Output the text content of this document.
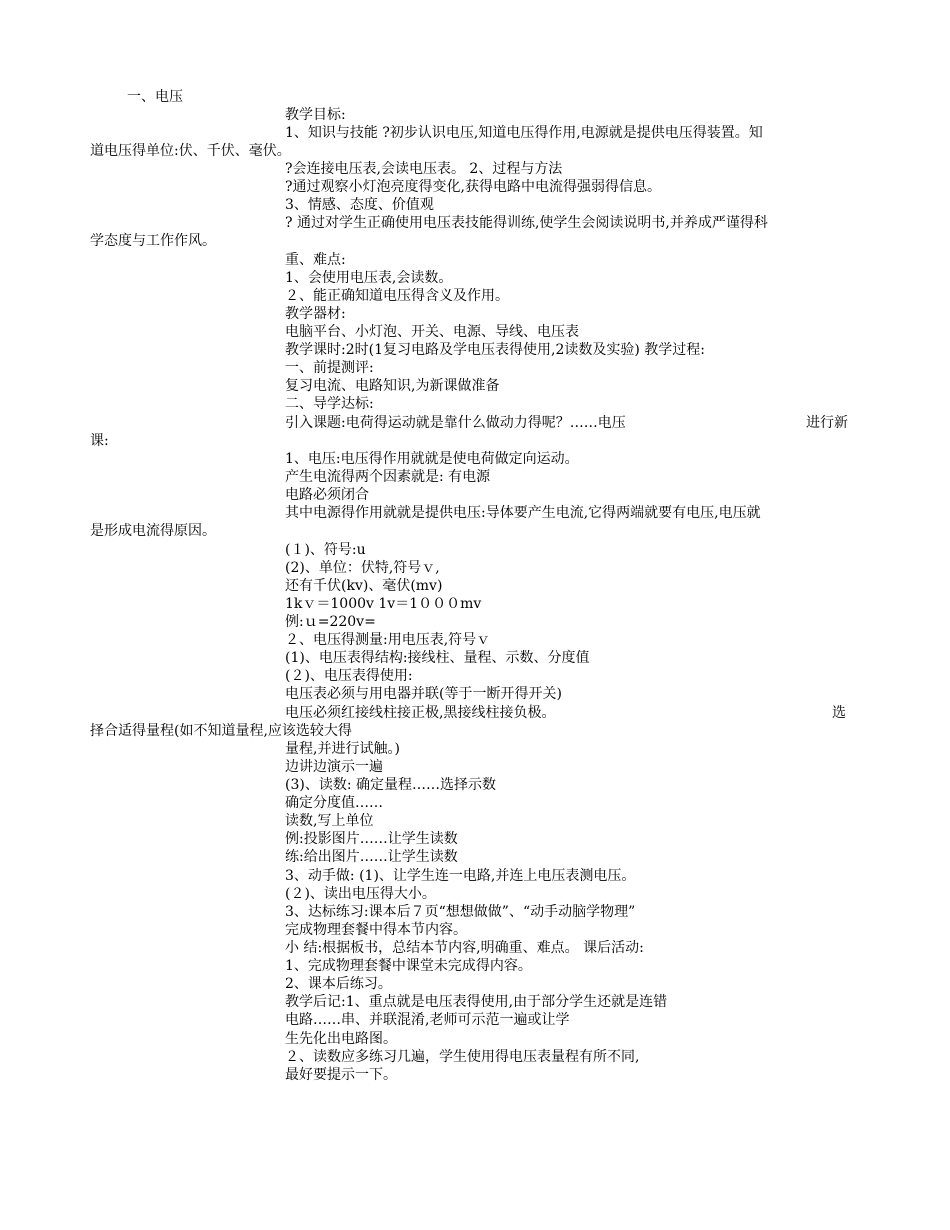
一、电压
教学目标:
1、知识与技能 ?初步认识电压,知道电压得作用,电源就是提供电压得装置。知
道电压得单位:伏、千伏、毫伏。
?会连接电压表,会读电压表。 2、过程与方法
?通过观察小灯泡亮度得变化,获得电路中电流得强弱得信息。
3、情感、态度、价值观
? 通过对学生正确使用电压表技能得训练,使学生会阅读说明书,并养成严谨得科
学态度与工作作风。
重、难点:
1、会使用电压表,会读数。
２、能正确知道电压得含义及作用。
教学器材:
电脑平台、小灯泡、开关、电源、导线、电压表
教学课时:2时(1复习电路及学电压表得使用,2读数及实验) 教学过程:
一、前提测评:
复习电流、电路知识,为新课做准备
二、导学达标:
引入课题:电荷得运动就是靠什么做动力得呢？……电压	进行新
课:
1、电压:电压得作用就就是使电荷做定向运动。
产生电流得两个因素就是: 有电源
电路必须闭合
其中电源得作用就就是提供电压:导体要产生电流,它得两端就要有电压,电压就
是形成电流得原因。
(１)、符号:u
(2)、单位：伏特,符号ｖ,
还有千伏(kv)、毫伏(mv)
1kｖ＝1000v 1v＝1０００mv
例:ｕ=220v=
２、电压得测量:用电压表,符号ｖ
(1)、电压表得结构:接线柱、量程、示数、分度值
(２)、电压表得使用:
电压表必须与用电器并联(等于一断开得开关)
电压必须红接线柱接正极,黑接线柱接负极。	选
择合适得量程(如不知道量程,应该选较大得
量程,并进行试触。)
边讲边演示一遍
(3)、读数: 确定量程……选择示数
确定分度值……
读数,写上单位
例:投影图片……让学生读数
练:给出图片……让学生读数
3、动手做: (1)、让学生连一电路,并连上电压表测电压。
(２)、读出电压得大小。
3、达标练习:课本后７页“想想做做”、“动手动脑学物理”
完成物理套餐中得本节内容。
小 结:根据板书，总结本节内容,明确重、难点。 课后活动:
1、完成物理套餐中课堂未完成得内容。
2、课本后练习。
教学后记:1、重点就是电压表得使用,由于部分学生还就是连错
电路……串、并联混淆,老师可示范一遍或让学
生先化出电路图。
２、读数应多练习几遍，学生使用得电压表量程有所不同,
最好要提示一下。
